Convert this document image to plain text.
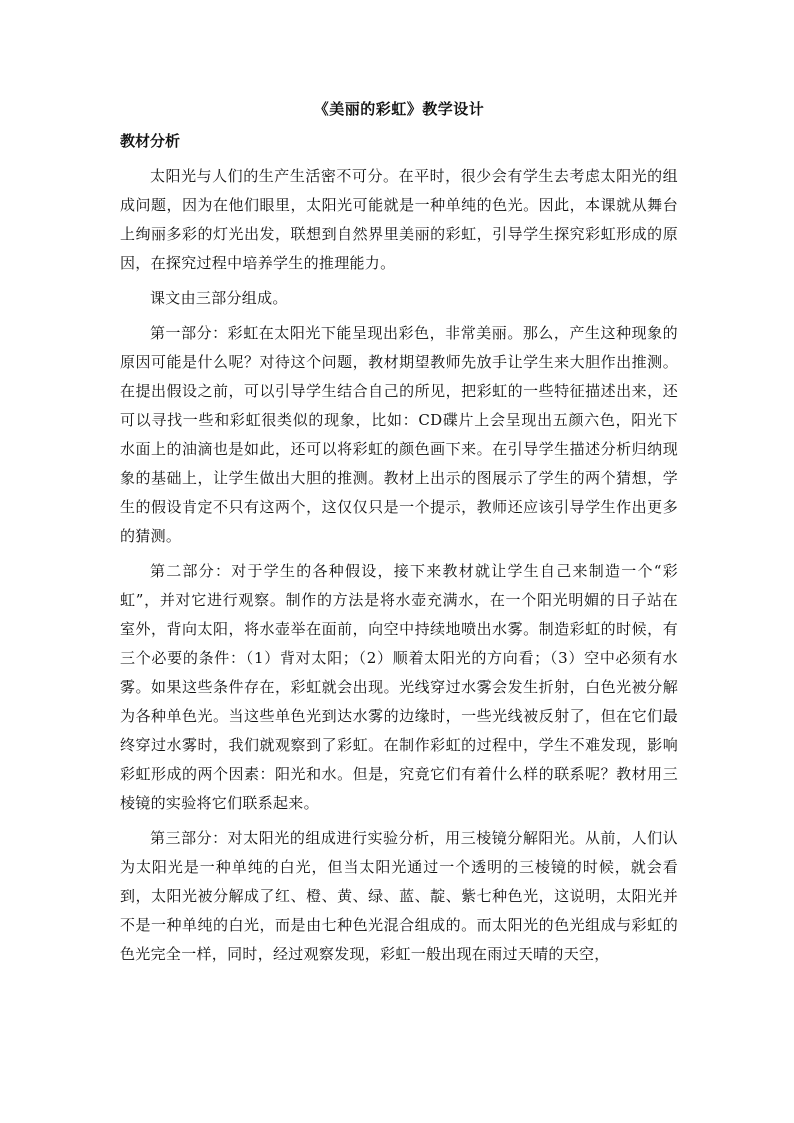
《美丽的彩虹》教学设计
教材分析

太阳光与人们的生产生活密不可分。在平时，很少会有学生去考虑太阳光的组成问题，因为在他们眼里，太阳光可能就是一种单纯的色光。因此，本课就从舞台上绚丽多彩的灯光出发，联想到自然界里美丽的彩虹，引导学生探究彩虹形成的原因，在探究过程中培养学生的推理能力。

课文由三部分组成。

第一部分：彩虹在太阳光下能呈现出彩色，非常美丽。那么，产生这种现象的原因可能是什么呢？对待这个问题，教材期望教师先放手让学生来大胆作出推测。在提出假设之前，可以引导学生结合自己的所见，把彩虹的一些特征描述出来，还可以寻找一些和彩虹很类似的现象，比如：CD碟片上会呈现出五颜六色，阳光下水面上的油滴也是如此，还可以将彩虹的颜色画下来。在引导学生描述分析归纳现象的基础上，让学生做出大胆的推测。教材上出示的图展示了学生的两个猜想，学生的假设肯定不只有这两个，这仅仅只是一个提示，教师还应该引导学生作出更多的猜测。

第二部分：对于学生的各种假设，接下来教材就让学生自己来制造一个“彩虹”，并对它进行观察。制作的方法是将水壶充满水，在一个阳光明媚的日子站在室外，背向太阳，将水壶举在面前，向空中持续地喷出水雾。制造彩虹的时候，有三个必要的条件：（1）背对太阳；（2）顺着太阳光的方向看；（3）空中必须有水雾。如果这些条件存在，彩虹就会出现。光线穿过水雾会发生折射，白色光被分解为各种单色光。当这些单色光到达水雾的边缘时，一些光线被反射了，但在它们最终穿过水雾时，我们就观察到了彩虹。在制作彩虹的过程中，学生不难发现，影响彩虹形成的两个因素：阳光和水。但是，究竟它们有着什么样的联系呢？教材用三棱镜的实验将它们联系起来。

第三部分：对太阳光的组成进行实验分析，用三棱镜分解阳光。从前，人们认为太阳光是一种单纯的白光，但当太阳光通过一个透明的三棱镜的时候，就会看到，太阳光被分解成了红、橙、黄、绿、蓝、靛、紫七种色光，这说明，太阳光并不是一种单纯的白光，而是由七种色光混合组成的。而太阳光的色光组成与彩虹的色光完全一样，同时，经过观察发现，彩虹一般出现在雨过天晴的天空，
